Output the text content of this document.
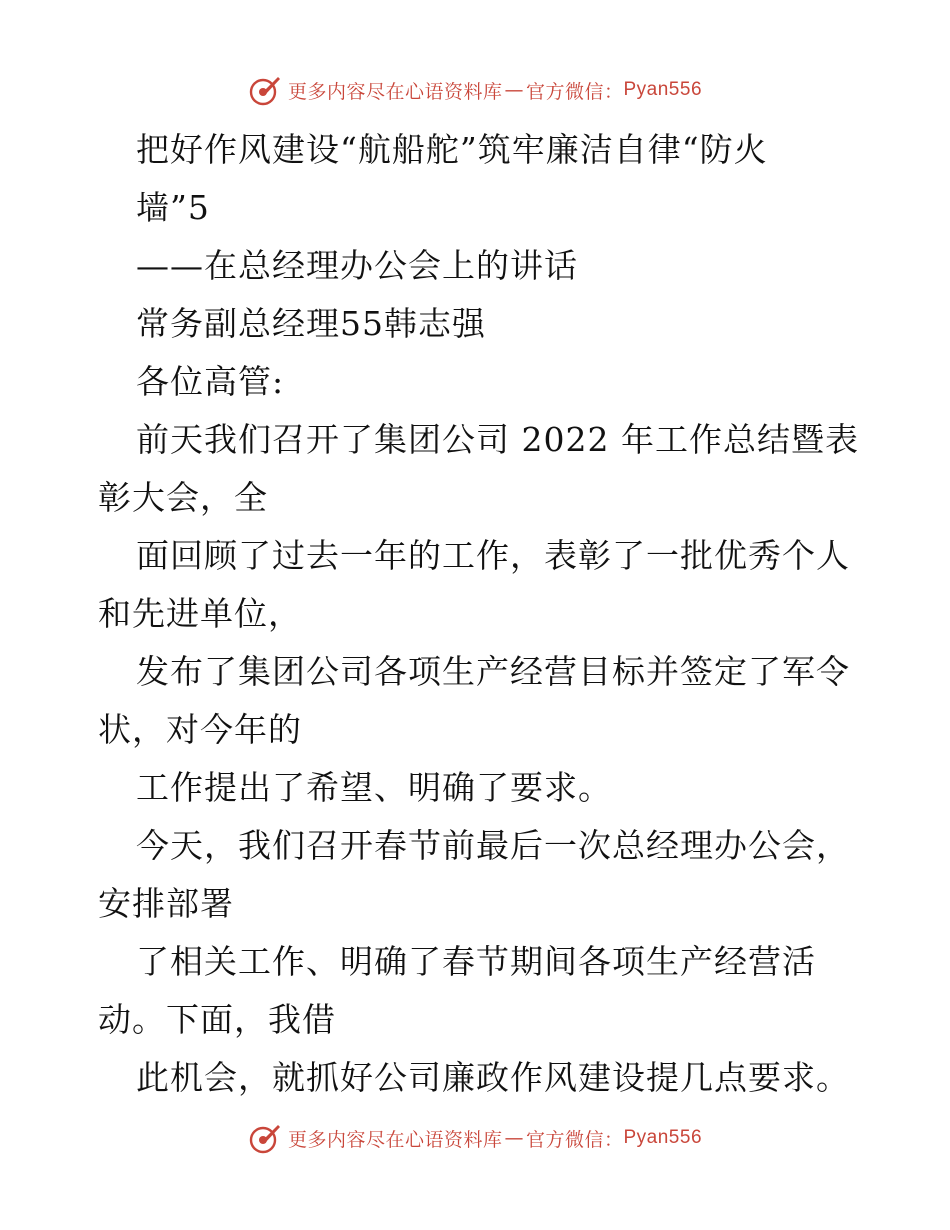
更多内容尽在心语资料库 — 官方微信： Pyan556
把好作风建设“航船舵”筑牢廉洁自律“防火
墙”5
——在总经理办公会上的讲话
常务副总经理55韩志强
各位高管:
前天我们召开了集团公司 2022 年工作总结暨表
彰大会，全
面回顾了过去一年的工作，表彰了一批优秀个人
和先进单位，
发布了集团公司各项生产经营目标并签定了军令
状，对今年的
工作提出了希望、明确了要求。
今天，我们召开春节前最后一次总经理办公会，
安排部署
了相关工作、明确了春节期间各项生产经营活
动。下面，我借
此机会，就抓好公司廉政作风建设提几点要求。
更多内容尽在心语资料库 — 官方微信： Pyan556
